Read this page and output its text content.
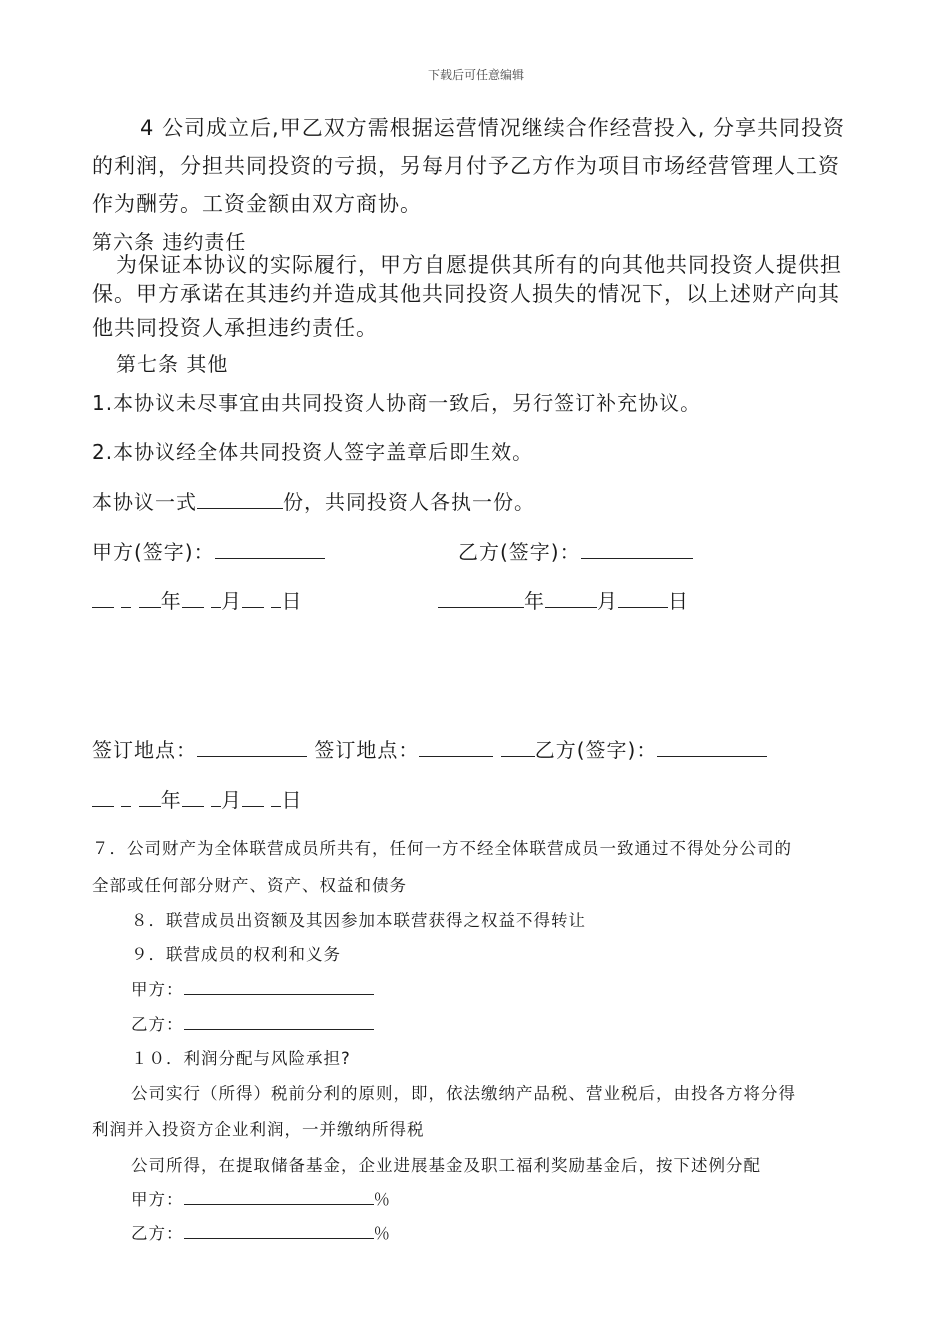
下载后可任意编辑
4 公司成立后,甲乙双方需根据运营情况继续合作经营投入, 分享共同投资
的利润，分担共同投资的亏损，另每月付予乙方作为项目市场经营管理人工资
作为酬劳。工资金额由双方商协。
第六条 违约责任
为保证本协议的实际履行，甲方自愿提供其所有的向其他共同投资人提供担
保。甲方承诺在其违约并造成其他共同投资人损失的情况下，以上述财产向其
他共同投资人承担违约责任。
第七条 其他
1.本协议未尽事宜由共同投资人协商一致后，另行签订补充协议。
2.本协议经全体共同投资人签字盖章后即生效。
本协议一式	份，共同投资人各执一份。
甲方(签字)：	乙方(签字)：
年 月 日	年	月	日
签订地点：	签订地点：	乙方(签字)：
年 月 日
７．公司财产为全体联营成员所共有，任何一方不经全体联营成员一致通过不得处分公司的
全部或任何部分财产、资产、权益和债务
８．联营成员出资额及其因参加本联营获得之权益不得转让
９．联营成员的权利和义务
甲方：
乙方：
１０．利润分配与风险承担?
公司实行（所得）税前分利的原则，即，依法缴纳产品税、营业税后，由投各方将分得
利润并入投资方企业利润，一并缴纳所得税
公司所得，在提取储备基金，企业进展基金及职工福利奖励基金后，按下述例分配
甲方：	％
乙方：	％
